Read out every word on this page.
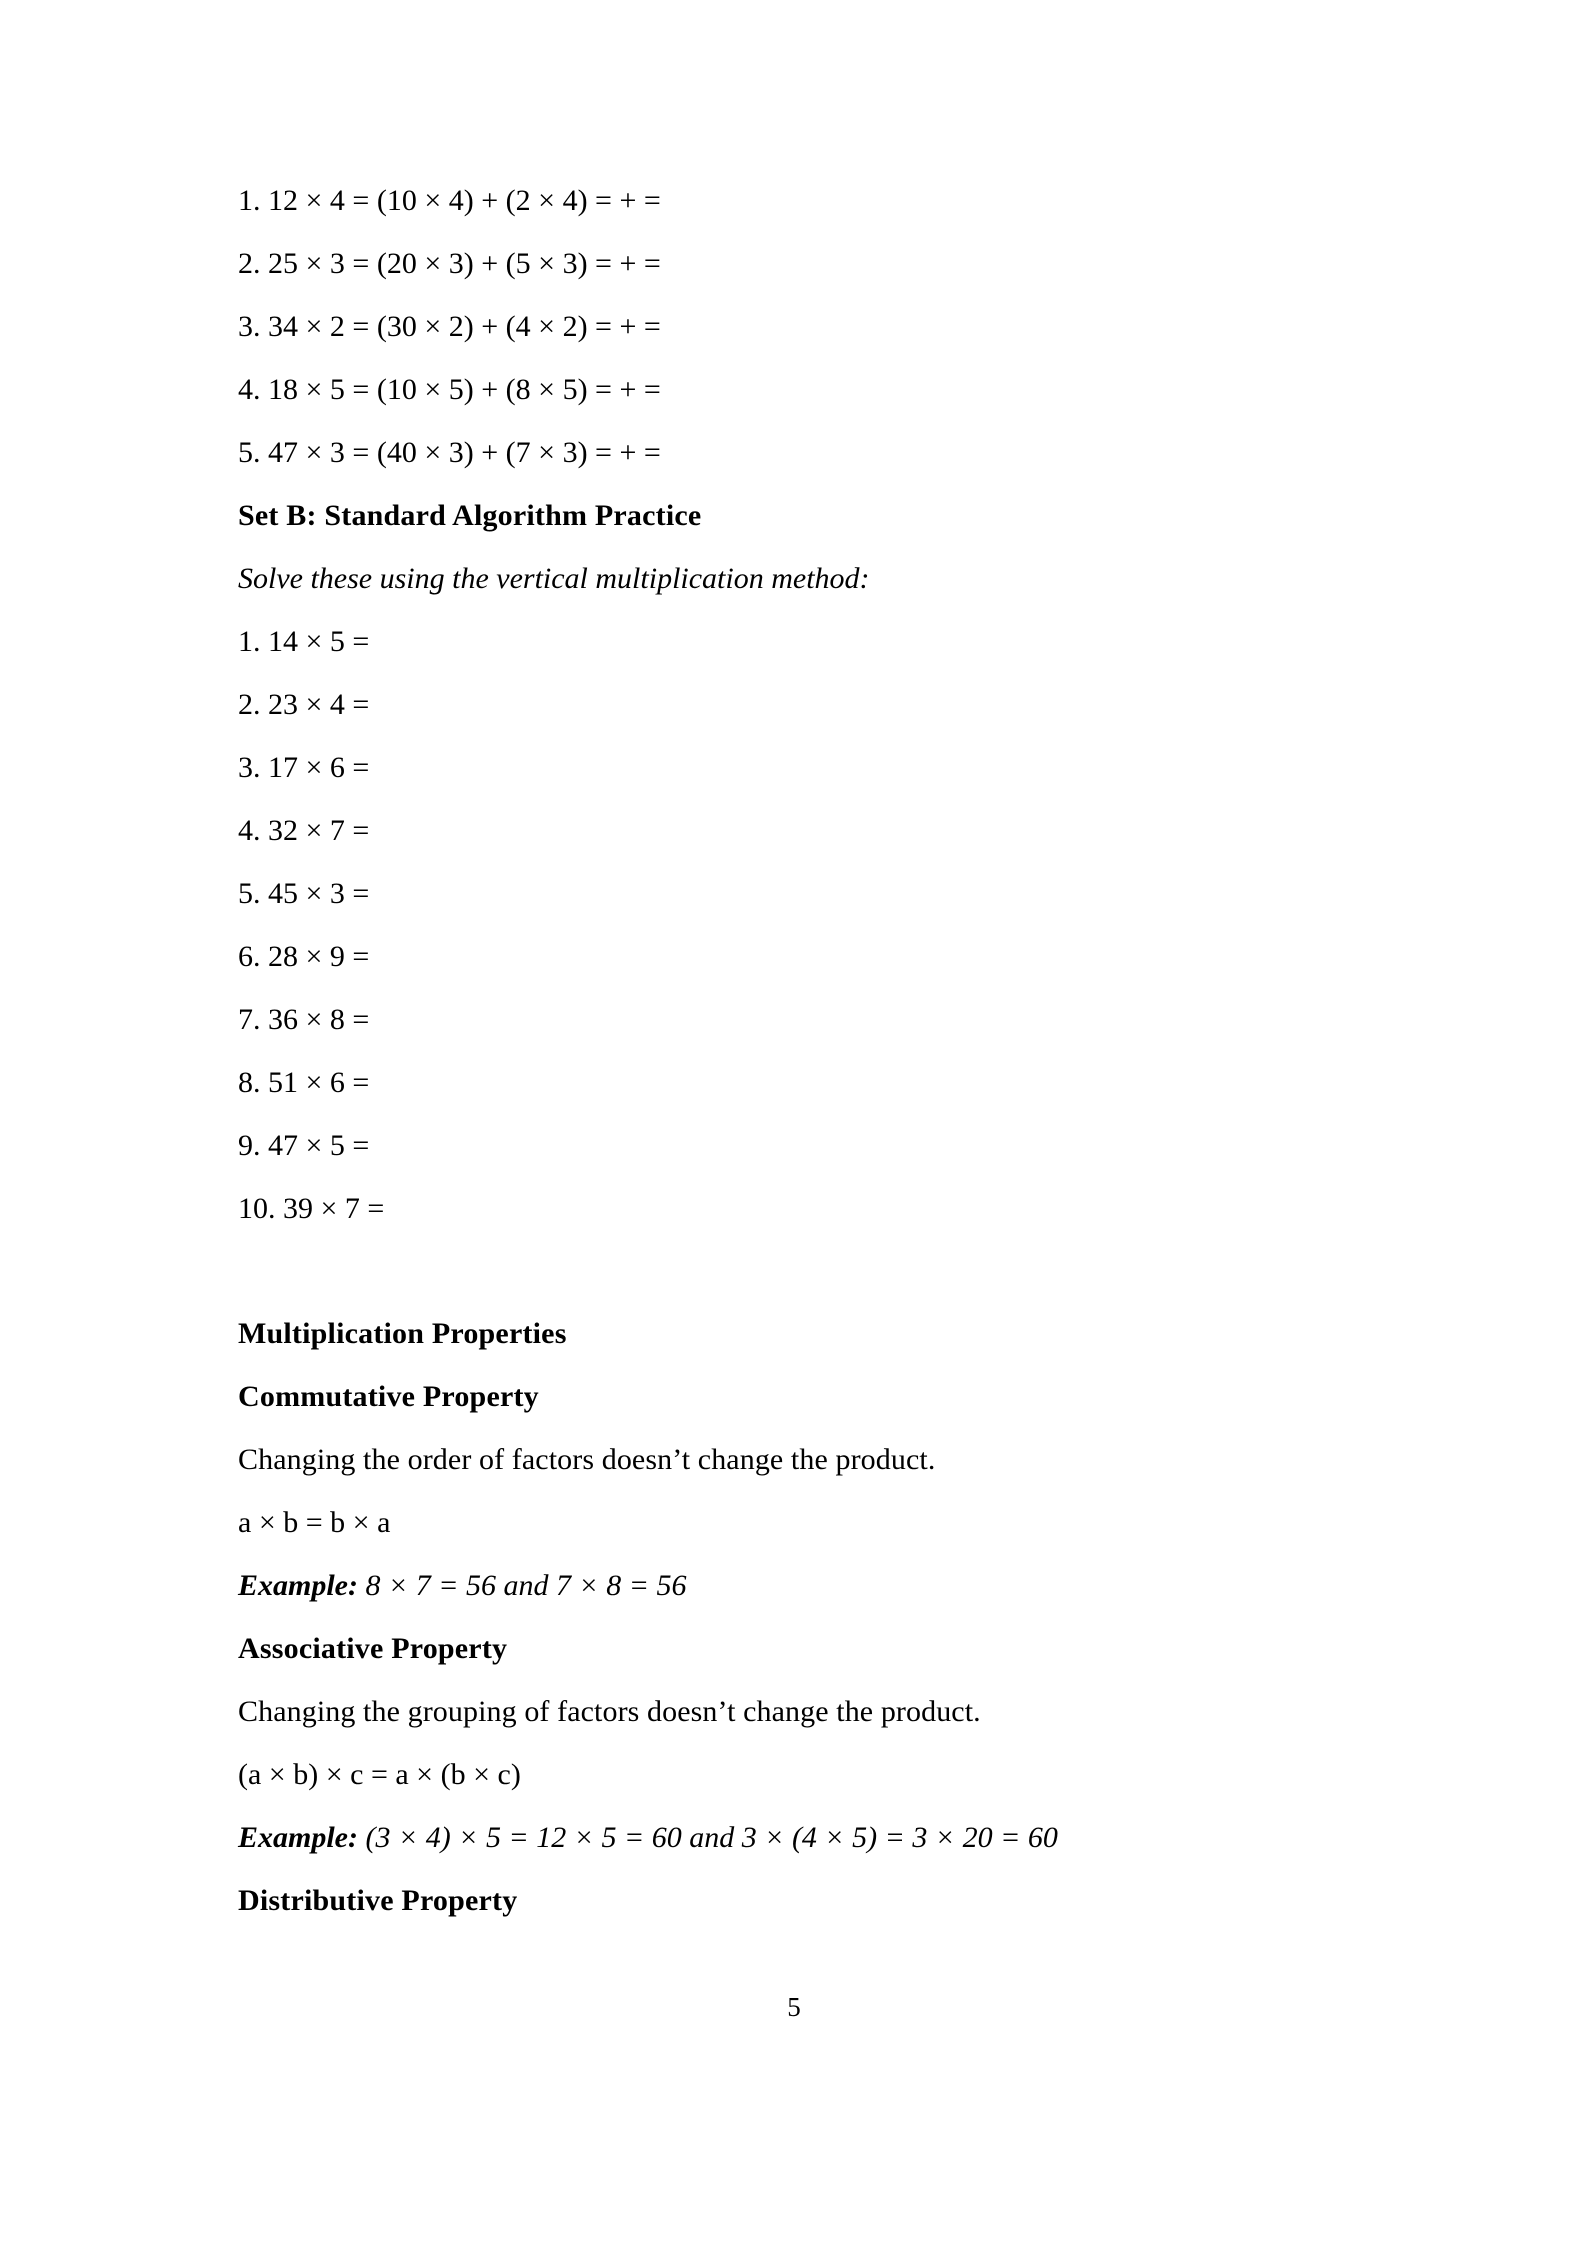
1. 12 × 4 = (10 × 4) + (2 × 4) = + =
2. 25 × 3 = (20 × 3) + (5 × 3) = + =
3. 34 × 2 = (30 × 2) + (4 × 2) = + =
4. 18 × 5 = (10 × 5) + (8 × 5) = + =
5. 47 × 3 = (40 × 3) + (7 × 3) = + =
Set B: Standard Algorithm Practice
Solve these using the vertical multiplication method:
1. 14 × 5 =
2. 23 × 4 =
3. 17 × 6 =
4. 32 × 7 =
5. 45 × 3 =
6. 28 × 9 =
7. 36 × 8 =
8. 51 × 6 =
9. 47 × 5 =
10. 39 × 7 =
Multiplication Properties
Commutative Property
Changing the order of factors doesn’t change the product.
a × b = b × a
Example: 8 × 7 = 56 and 7 × 8 = 56
Associative Property
Changing the grouping of factors doesn’t change the product.
(a × b) × c = a × (b × c)
Example: (3 × 4) × 5 = 12 × 5 = 60 and 3 × (4 × 5) = 3 × 20 = 60
Distributive Property
5
